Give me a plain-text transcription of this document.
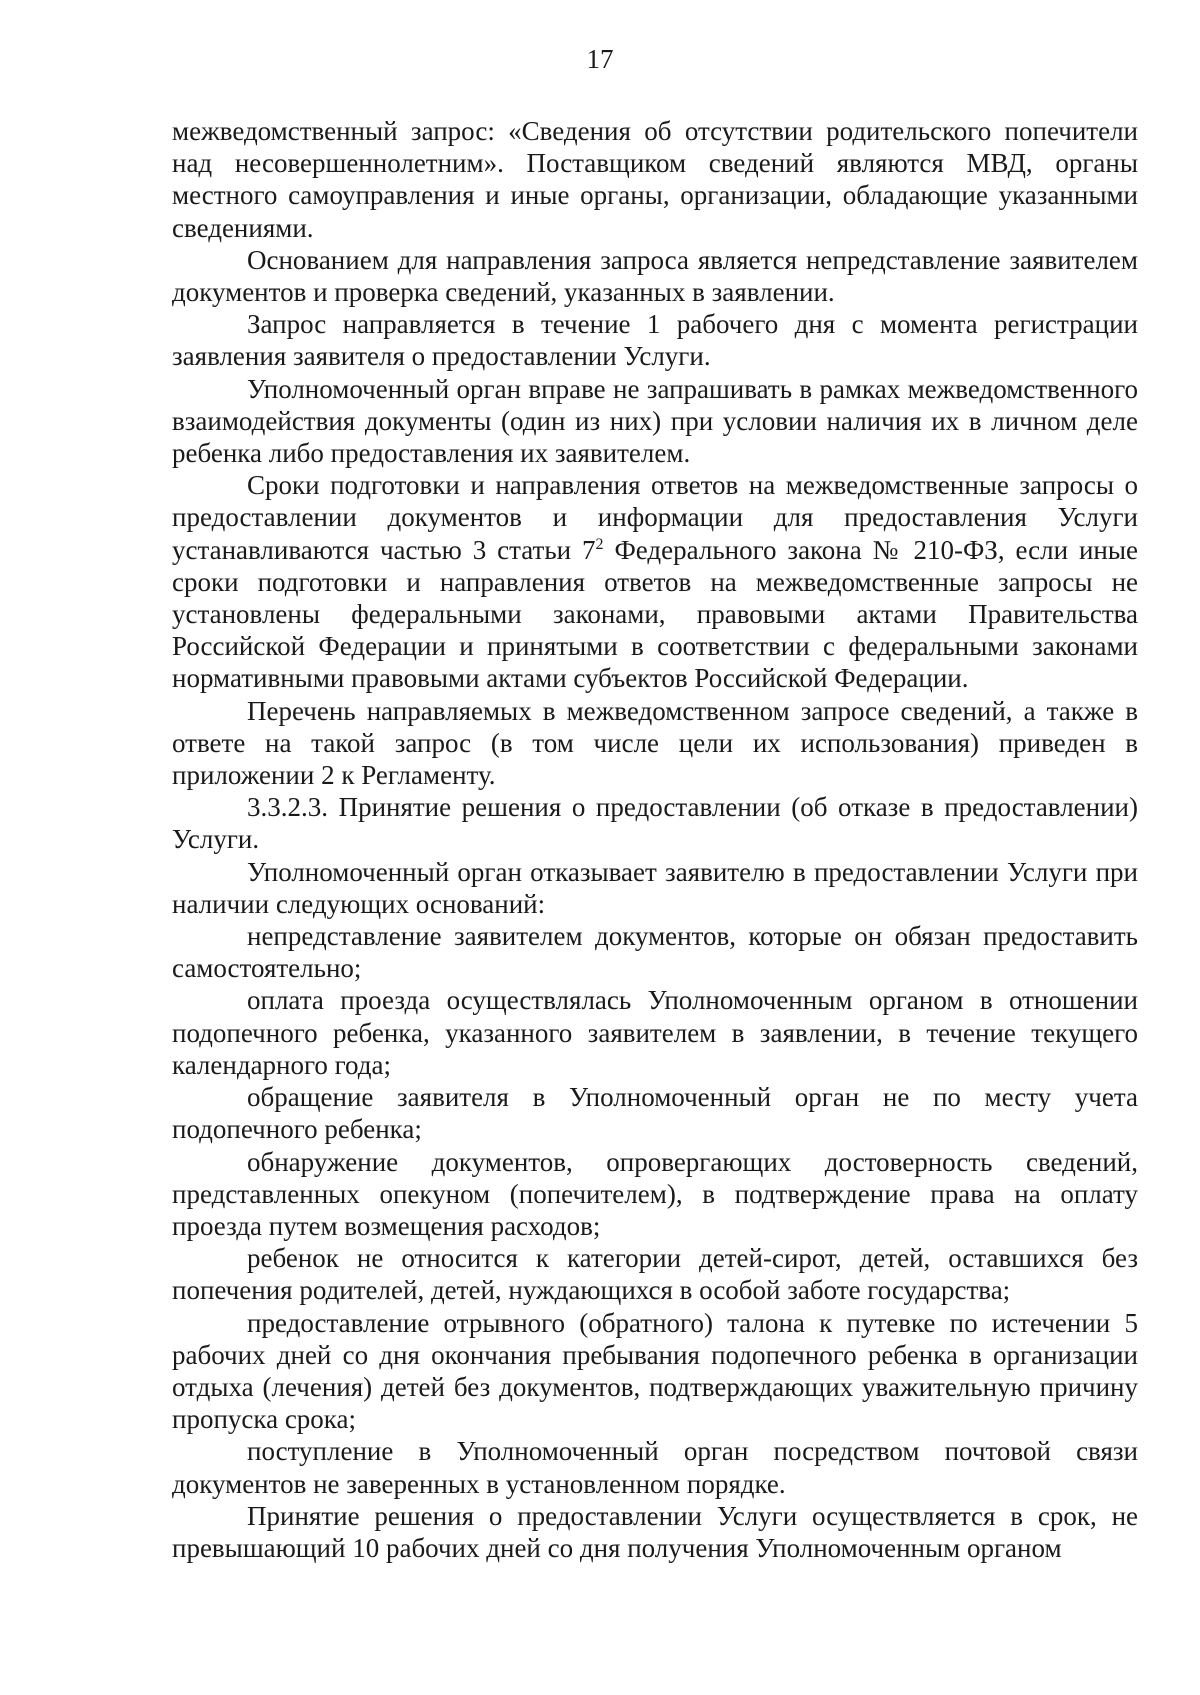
17

межведомственный запрос: «Сведения об отсутствии родительского попечители над несовершеннолетним». Поставщиком сведений являются МВД, органы местного самоуправления и иные органы, организации, обладающие указанными сведениями.

Основанием для направления запроса является непредставление заявителем документов и проверка сведений, указанных в заявлении.

Запрос направляется в течение 1 рабочего дня с момента регистрации заявления заявителя о предоставлении Услуги.

Уполномоченный орган вправе не запрашивать в рамках межведомственного взаимодействия документы (один из них) при условии наличия их в личном деле ребенка либо предоставления их заявителем.

Сроки подготовки и направления ответов на межведомственные запросы о предоставлении документов и информации для предоставления Услуги устанавливаются частью 3 статьи $7^2$ Федерального закона № 210-ФЗ, если иные сроки подготовки и направления ответов на межведомственные запросы не установлены федеральными законами, правовыми актами Правительства Российской Федерации и принятыми в соответствии с федеральными законами нормативными правовыми актами субъектов Российской Федерации.

Перечень направляемых в межведомственном запросе сведений, а также в ответе на такой запрос (в том числе цели их использования) приведен в приложении 2 к Регламенту.

3.3.2.3. Принятие решения о предоставлении (об отказе в предоставлении) Услуги.

Уполномоченный орган отказывает заявителю в предоставлении Услуги при наличии следующих оснований:

непредставление заявителем документов, которые он обязан предоставить самостоятельно;

оплата проезда осуществлялась Уполномоченным органом в отношении подопечного ребенка, указанного заявителем в заявлении, в течение текущего календарного года;

обращение заявителя в Уполномоченный орган не по месту учета подопечного ребенка;

обнаружение документов, опровергающих достоверность сведений, представленных опекуном (попечителем), в подтверждение права на оплату проезда путем возмещения расходов;

ребенок не относится к категории детей-сирот, детей, оставшихся без попечения родителей, детей, нуждающихся в особой заботе государства;

предоставление отрывного (обратного) талона к путевке по истечении 5 рабочих дней со дня окончания пребывания подопечного ребенка в организации отдыха (лечения) детей без документов, подтверждающих уважительную причину пропуска срока;

поступление в Уполномоченный орган посредством почтовой связи документов не заверенных в установленном порядке.

Принятие решения о предоставлении Услуги осуществляется в срок, не превышающий 10 рабочих дней со дня получения Уполномоченным органом
